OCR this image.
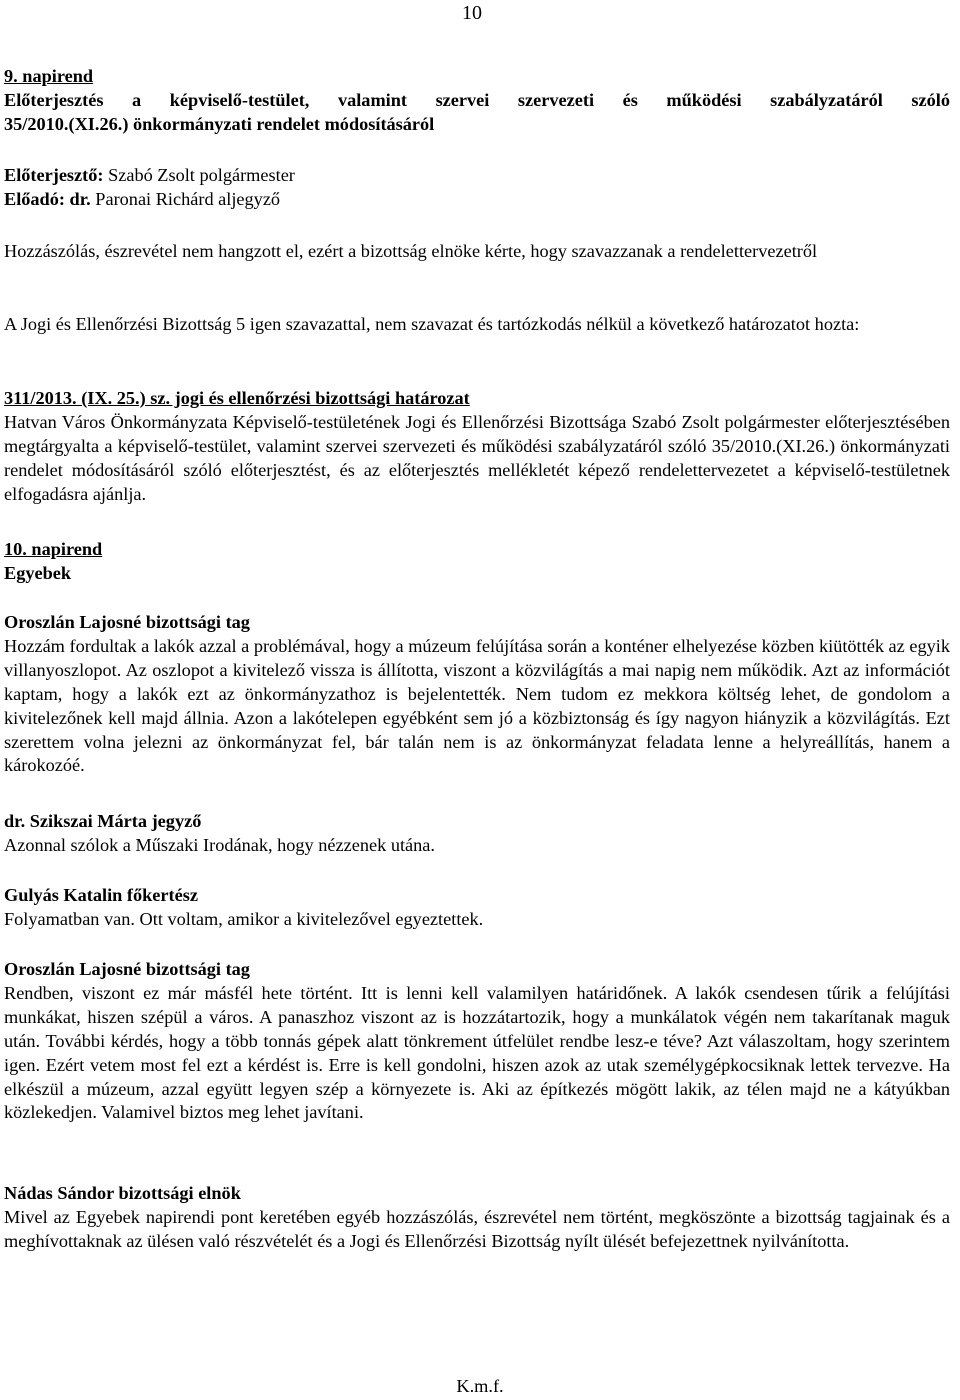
10
9. napirend
Előterjesztés a képviselő-testület, valamint szervei szervezeti és működési szabályzatáról szóló
35/2010.(XI.26.) önkormányzati rendelet módosításáról
Előterjesztő: Szabó Zsolt polgármester
Előadó: dr. Paronai Richárd aljegyző
Hozzászólás, észrevétel nem hangzott el, ezért a bizottság elnöke kérte, hogy szavazzanak a rendelettervezetről
A Jogi és Ellenőrzési Bizottság 5 igen szavazattal, nem szavazat és tartózkodás nélkül a következő határozatot hozta:
311/2013. (IX. 25.) sz. jogi és ellenőrzési bizottsági határozat
Hatvan Város Önkormányzata Képviselő-testületének Jogi és Ellenőrzési Bizottsága Szabó Zsolt polgármester előterjesztésében megtárgyalta a képviselő-testület, valamint szervei szervezeti és működési szabályzatáról szóló 35/2010.(XI.26.) önkormányzati rendelet módosításáról szóló előterjesztést, és az előterjesztés mellékletét képező rendelettervezetet a képviselő-testületnek elfogadásra ajánlja.
10. napirend
Egyebek
Oroszlán Lajosné bizottsági tag
Hozzám fordultak a lakók azzal a problémával, hogy a múzeum felújítása során a konténer elhelyezése közben kiütötték az egyik villanyoszlopot. Az oszlopot a kivitelező vissza is állította, viszont a közvilágítás a mai napig nem működik. Azt az információt kaptam, hogy a lakók ezt az önkormányzathoz is bejelentették. Nem tudom ez mekkora költség lehet, de gondolom a kivitelezőnek kell majd állnia. Azon a lakótelepen egyébként sem jó a közbiztonság és így nagyon hiányzik a közvilágítás. Ezt szerettem volna jelezni az önkormányzat fel, bár talán nem is az önkormányzat feladata lenne a helyreállítás, hanem a károkozóé.
dr. Szikszai Márta jegyző
Azonnal szólok a Műszaki Irodának, hogy nézzenek utána.
Gulyás Katalin főkertész
Folyamatban van. Ott voltam, amikor a kivitelezővel egyeztettek.
Oroszlán Lajosné bizottsági tag
Rendben, viszont ez már másfél hete történt. Itt is lenni kell valamilyen határidőnek. A lakók csendesen tűrik a felújítási munkákat, hiszen szépül a város. A panaszhoz viszont az is hozzátartozik, hogy a munkálatok végén nem takarítanak maguk után. További kérdés, hogy a több tonnás gépek alatt tönkrement útfelület rendbe lesz-e téve? Azt válaszoltam, hogy szerintem igen. Ezért vetem most fel ezt a kérdést is. Erre is kell gondolni, hiszen azok az utak személygépkocsiknak lettek tervezve. Ha elkészül a múzeum, azzal együtt legyen szép a környezete is. Aki az építkezés mögött lakik, az télen majd ne a kátyúkban közlekedjen. Valamivel biztos meg lehet javítani.
Nádas Sándor bizottsági elnök
Mivel az Egyebek napirendi pont keretében egyéb hozzászólás, észrevétel nem történt, megköszönte a bizottság tagjainak és a meghívottaknak az ülésen való részvételét és a Jogi és Ellenőrzési Bizottság nyílt ülését befejezettnek nyilvánította.
K.m.f.
